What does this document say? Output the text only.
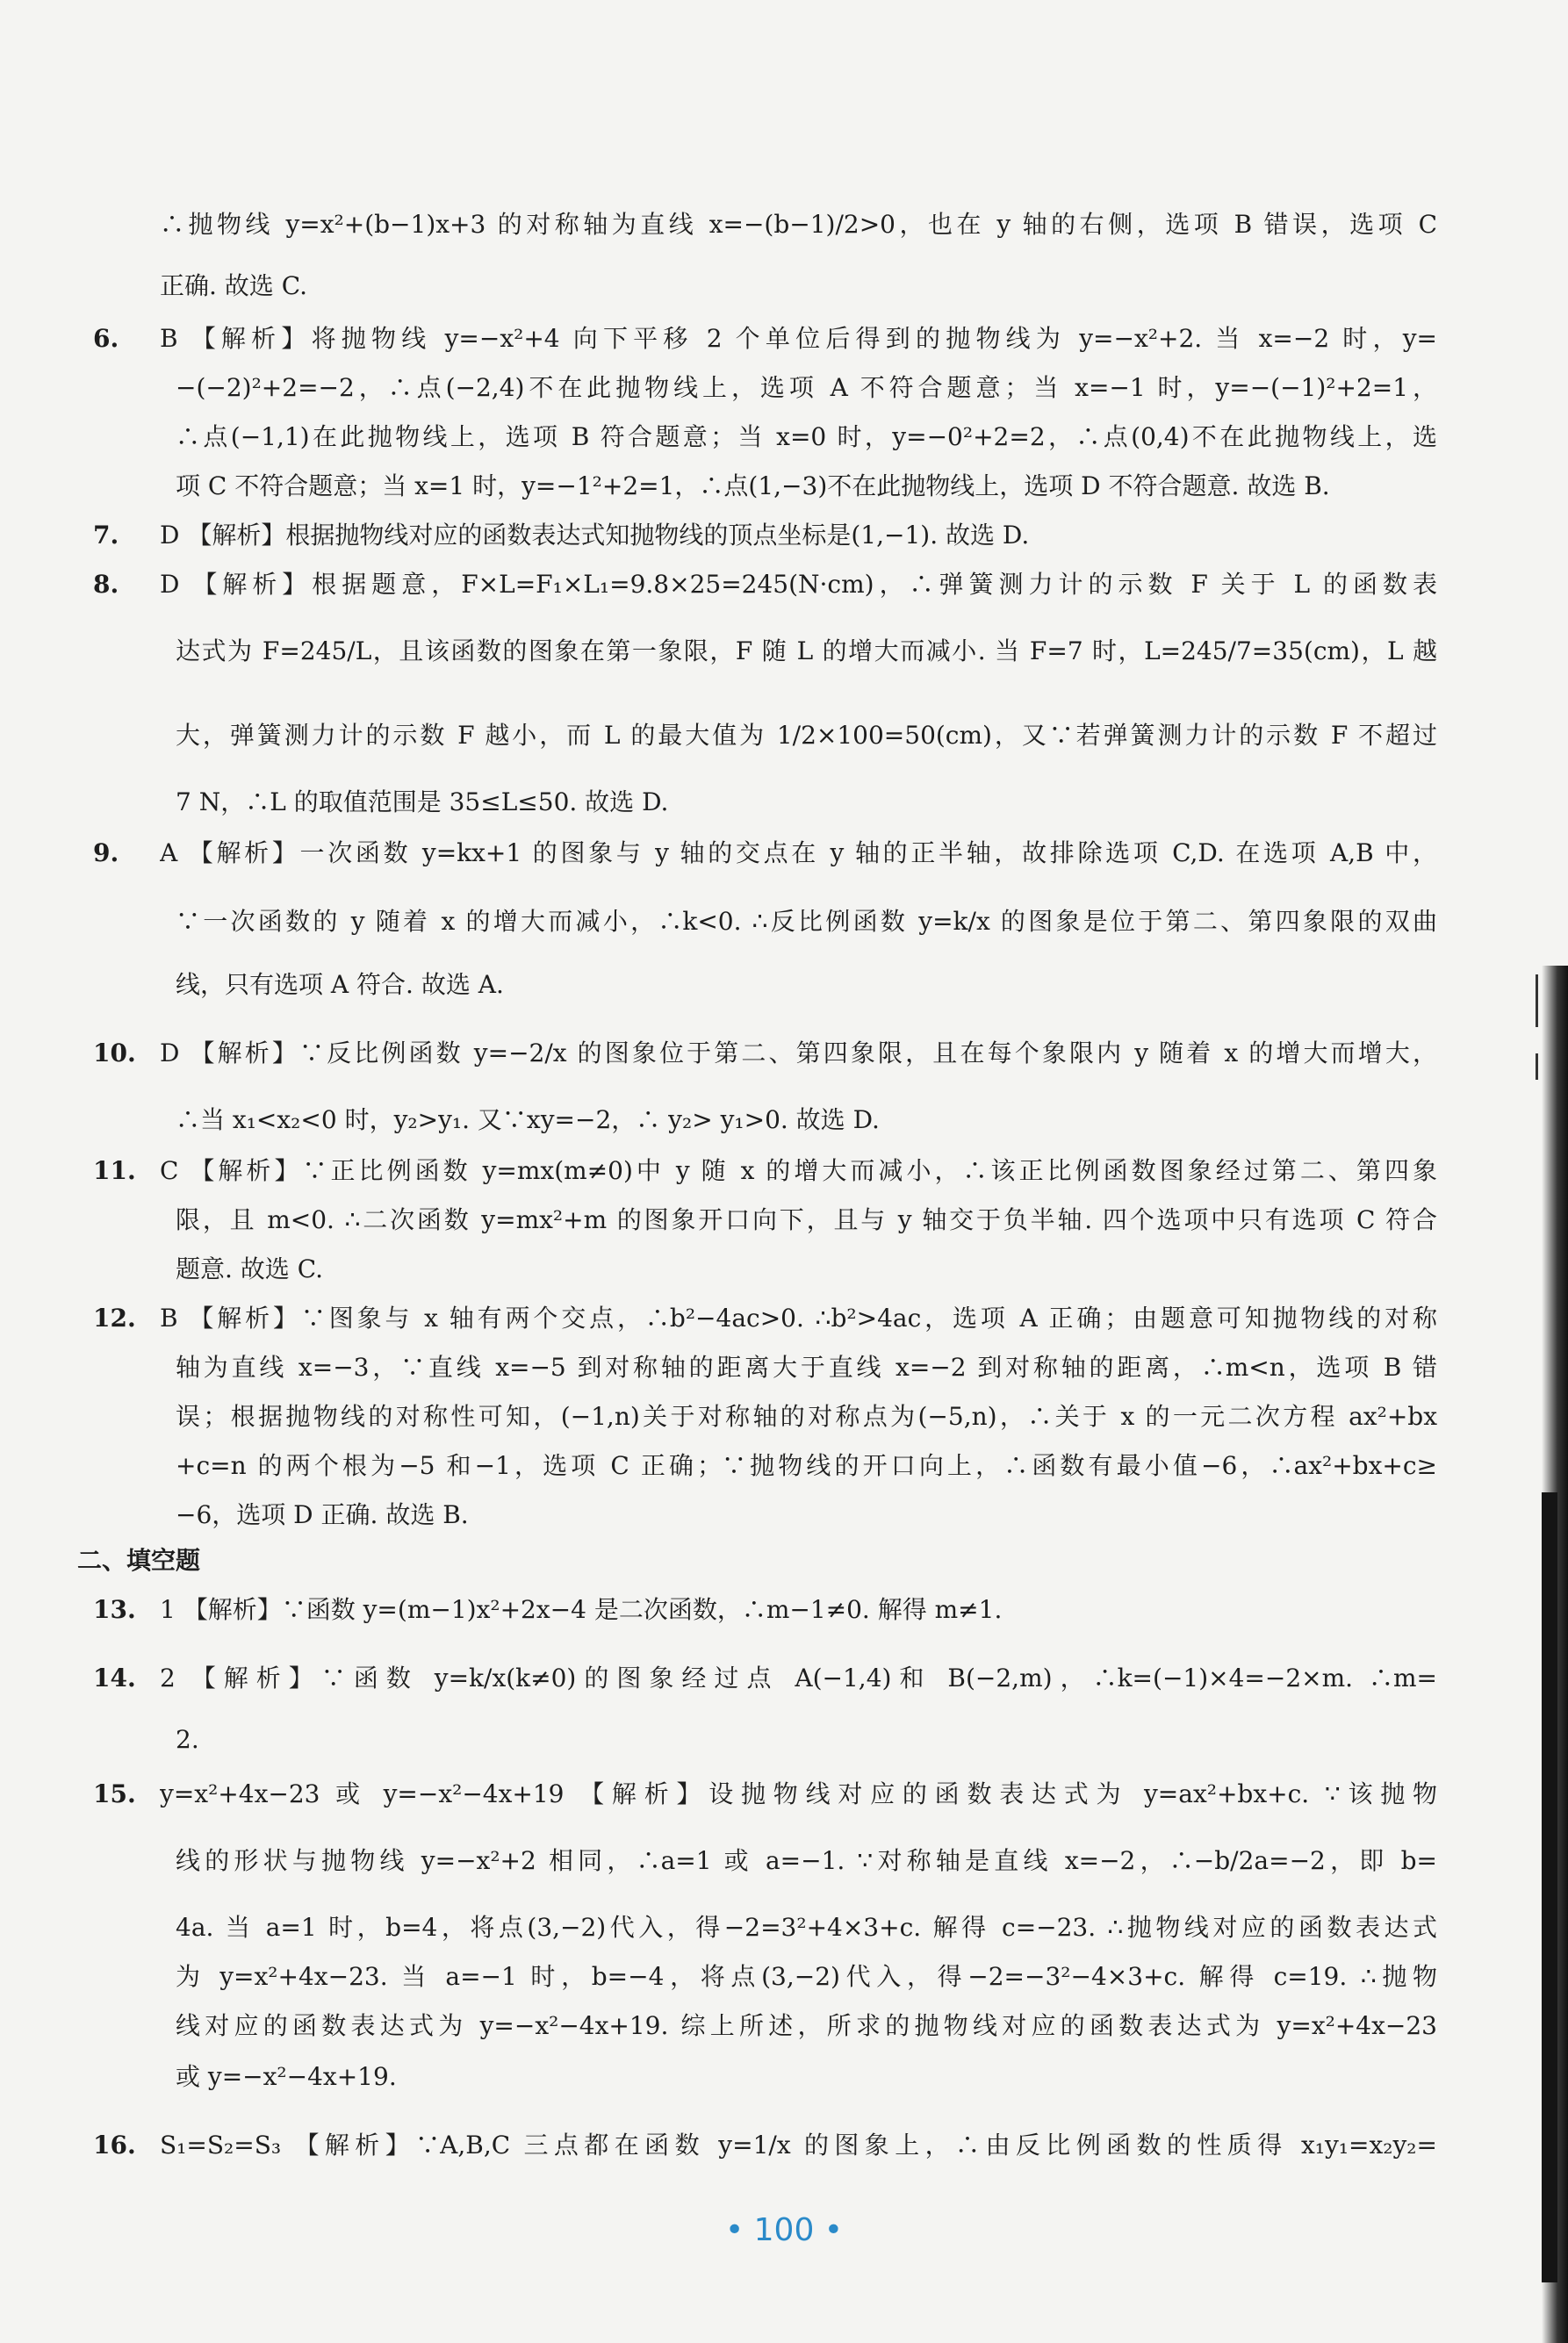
∴抛物线 y=x²+(b−1)x+3 的对称轴为直线 x=−(b−1)/2>0，也在 y 轴的右侧，选项 B 错误，选项 C
正确. 故选 C.
6.	B 【解析】将抛物线 y=−x²+4 向下平移 2 个单位后得到的抛物线为 y=−x²+2. 当 x=−2 时，y=
−(−2)²+2=−2，∴点(−2,4)不在此抛物线上，选项 A 不符合题意；当 x=−1 时，y=−(−1)²+2=1，
∴点(−1,1)在此抛物线上，选项 B 符合题意；当 x=0 时，y=−0²+2=2，∴点(0,4)不在此抛物线上，选
项 C 不符合题意；当 x=1 时，y=−1²+2=1，∴点(1,−3)不在此抛物线上，选项 D 不符合题意. 故选 B.
7.	D 【解析】根据抛物线对应的函数表达式知抛物线的顶点坐标是(1,−1). 故选 D.
8.	D 【解析】根据题意，F×L=F₁×L₁=9.8×25=245(N·cm)，∴弹簧测力计的示数 F 关于 L 的函数表
达式为 F=245/L，且该函数的图象在第一象限，F 随 L 的增大而减小. 当 F=7 时，L=245/7=35(cm)，L 越
大，弹簧测力计的示数 F 越小，而 L 的最大值为 1/2×100=50(cm)，又∵若弹簧测力计的示数 F 不超过
7 N，∴L 的取值范围是 35≤L≤50. 故选 D.
9.	A 【解析】一次函数 y=kx+1 的图象与 y 轴的交点在 y 轴的正半轴，故排除选项 C,D. 在选项 A,B 中，
∵一次函数的 y 随着 x 的增大而减小，∴k<0. ∴反比例函数 y=k/x 的图象是位于第二、第四象限的双曲
线，只有选项 A 符合. 故选 A.
10. D 【解析】∵反比例函数 y=−2/x 的图象位于第二、第四象限，且在每个象限内 y 随着 x 的增大而增大，
∴当 x₁<x₂<0 时，y₂>y₁. 又∵xy=−2，∴ y₂> y₁>0. 故选 D.
11. C 【解析】∵正比例函数 y=mx(m≠0)中 y 随 x 的增大而减小，∴该正比例函数图象经过第二、第四象
限，且 m<0. ∴二次函数 y=mx²+m 的图象开口向下，且与 y 轴交于负半轴. 四个选项中只有选项 C 符合
题意. 故选 C.
12. B 【解析】∵图象与 x 轴有两个交点，∴b²−4ac>0. ∴b²>4ac，选项 A 正确；由题意可知抛物线的对称
轴为直线 x=−3，∵直线 x=−5 到对称轴的距离大于直线 x=−2 到对称轴的距离，∴m<n，选项 B 错
误；根据抛物线的对称性可知，(−1,n)关于对称轴的对称点为(−5,n)，∴关于 x 的一元二次方程 ax²+bx
+c=n 的两个根为−5 和−1，选项 C 正确；∵抛物线的开口向上，∴函数有最小值−6，∴ax²+bx+c≥
−6，选项 D 正确. 故选 B.
二、填空题
13. 1 【解析】∵函数 y=(m−1)x²+2x−4 是二次函数，∴m−1≠0. 解得 m≠1.
14. 2 【解析】∵函数 y=k/x(k≠0)的图象经过点 A(−1,4)和 B(−2,m)，∴k=(−1)×4=−2×m. ∴m=
2.
15. y=x²+4x−23 或 y=−x²−4x+19 【解析】设抛物线对应的函数表达式为 y=ax²+bx+c. ∵该抛物
线的形状与抛物线 y=−x²+2 相同，∴a=1 或 a=−1. ∵对称轴是直线 x=−2，∴−b/2a=−2，即 b=
4a. 当 a=1 时，b=4，将点(3,−2)代入，得−2=3²+4×3+c. 解得 c=−23. ∴抛物线对应的函数表达式
为 y=x²+4x−23. 当 a=−1 时，b=−4，将点(3,−2)代入，得−2=−3²−4×3+c. 解得 c=19. ∴抛物
线对应的函数表达式为 y=−x²−4x+19. 综上所述，所求的抛物线对应的函数表达式为 y=x²+4x−23
或 y=−x²−4x+19.
16. S₁=S₂=S₃ 【解析】∵A,B,C 三点都在函数 y=1/x 的图象上，∴由反比例函数的性质得 x₁y₁=x₂y₂=
• 100 •
